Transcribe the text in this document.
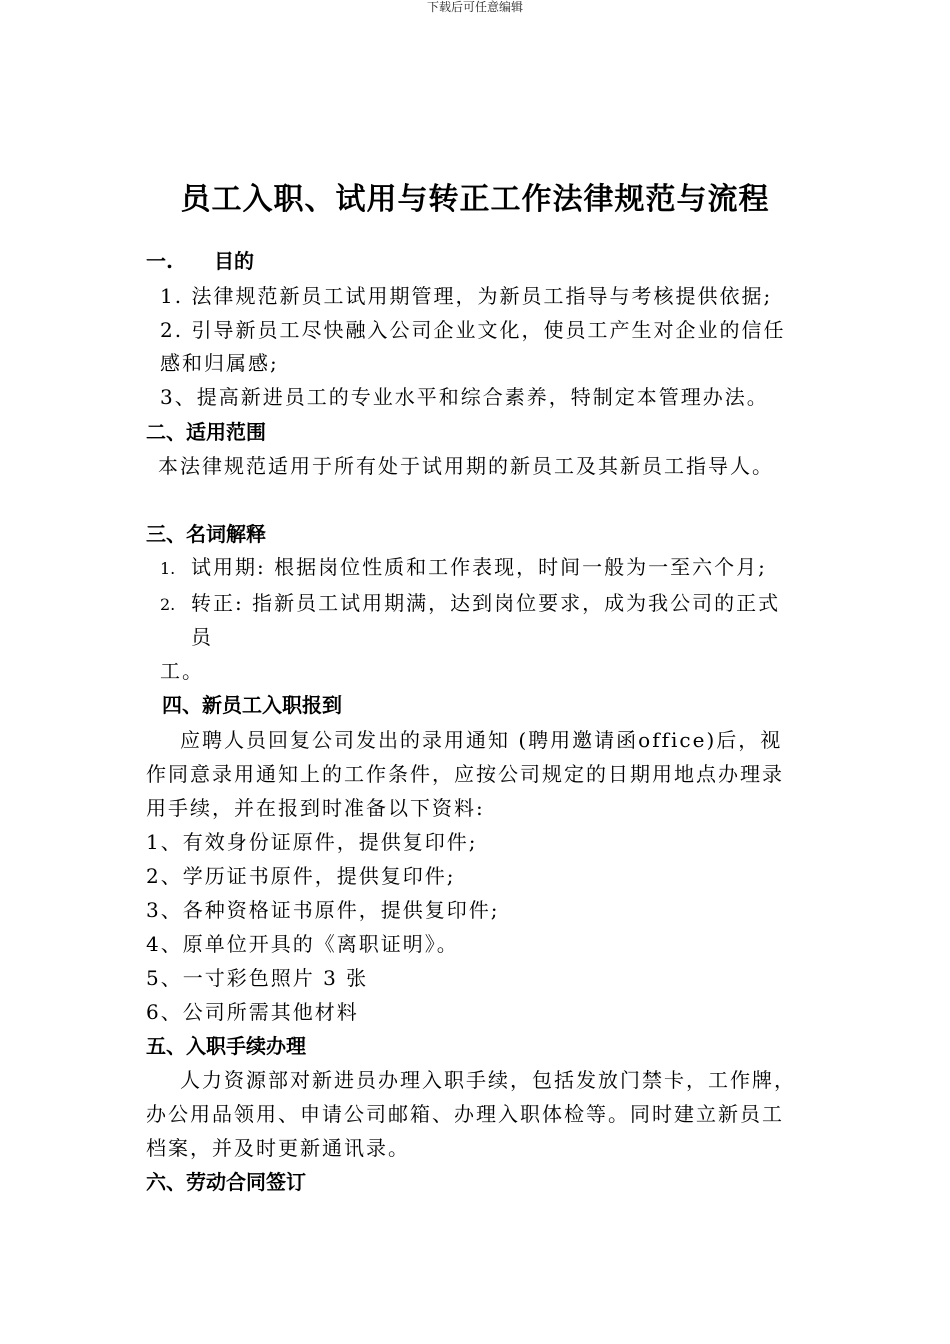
下载后可任意编辑
员工入职、试用与转正工作法律规范与流程
一. 目的
1. 法律规范新员工试用期管理，为新员工指导与考核提供依据;
2. 引导新员工尽快融入公司企业文化，使员工产生对企业的信任
感和归属感;
3、提高新进员工的专业水平和综合素养，特制定本管理办法。
二、适用范围
本法律规范适用于所有处于试用期的新员工及其新员工指导人。
三、名词解释
1. 试用期: 根据岗位性质和工作表现，时间一般为一至六个月;
2. 转正: 指新员工试用期满，达到岗位要求，成为我公司的正式
员
工。
四、新员工入职报到
应聘人员回复公司发出的录用通知 (聘用邀请函office)后，视
作同意录用通知上的工作条件，应按公司规定的日期用地点办理录
用手续，并在报到时准备以下资料:
1、有效身份证原件，提供复印件;
2、学历证书原件，提供复印件;
3、各种资格证书原件，提供复印件;
4、原单位开具的《离职证明》。
5、一寸彩色照片 3 张
6、公司所需其他材料
五、入职手续办理
人力资源部对新进员办理入职手续，包括发放门禁卡，工作牌，
办公用品领用、申请公司邮箱、办理入职体检等。同时建立新员工
档案，并及时更新通讯录。
六、劳动合同签订
